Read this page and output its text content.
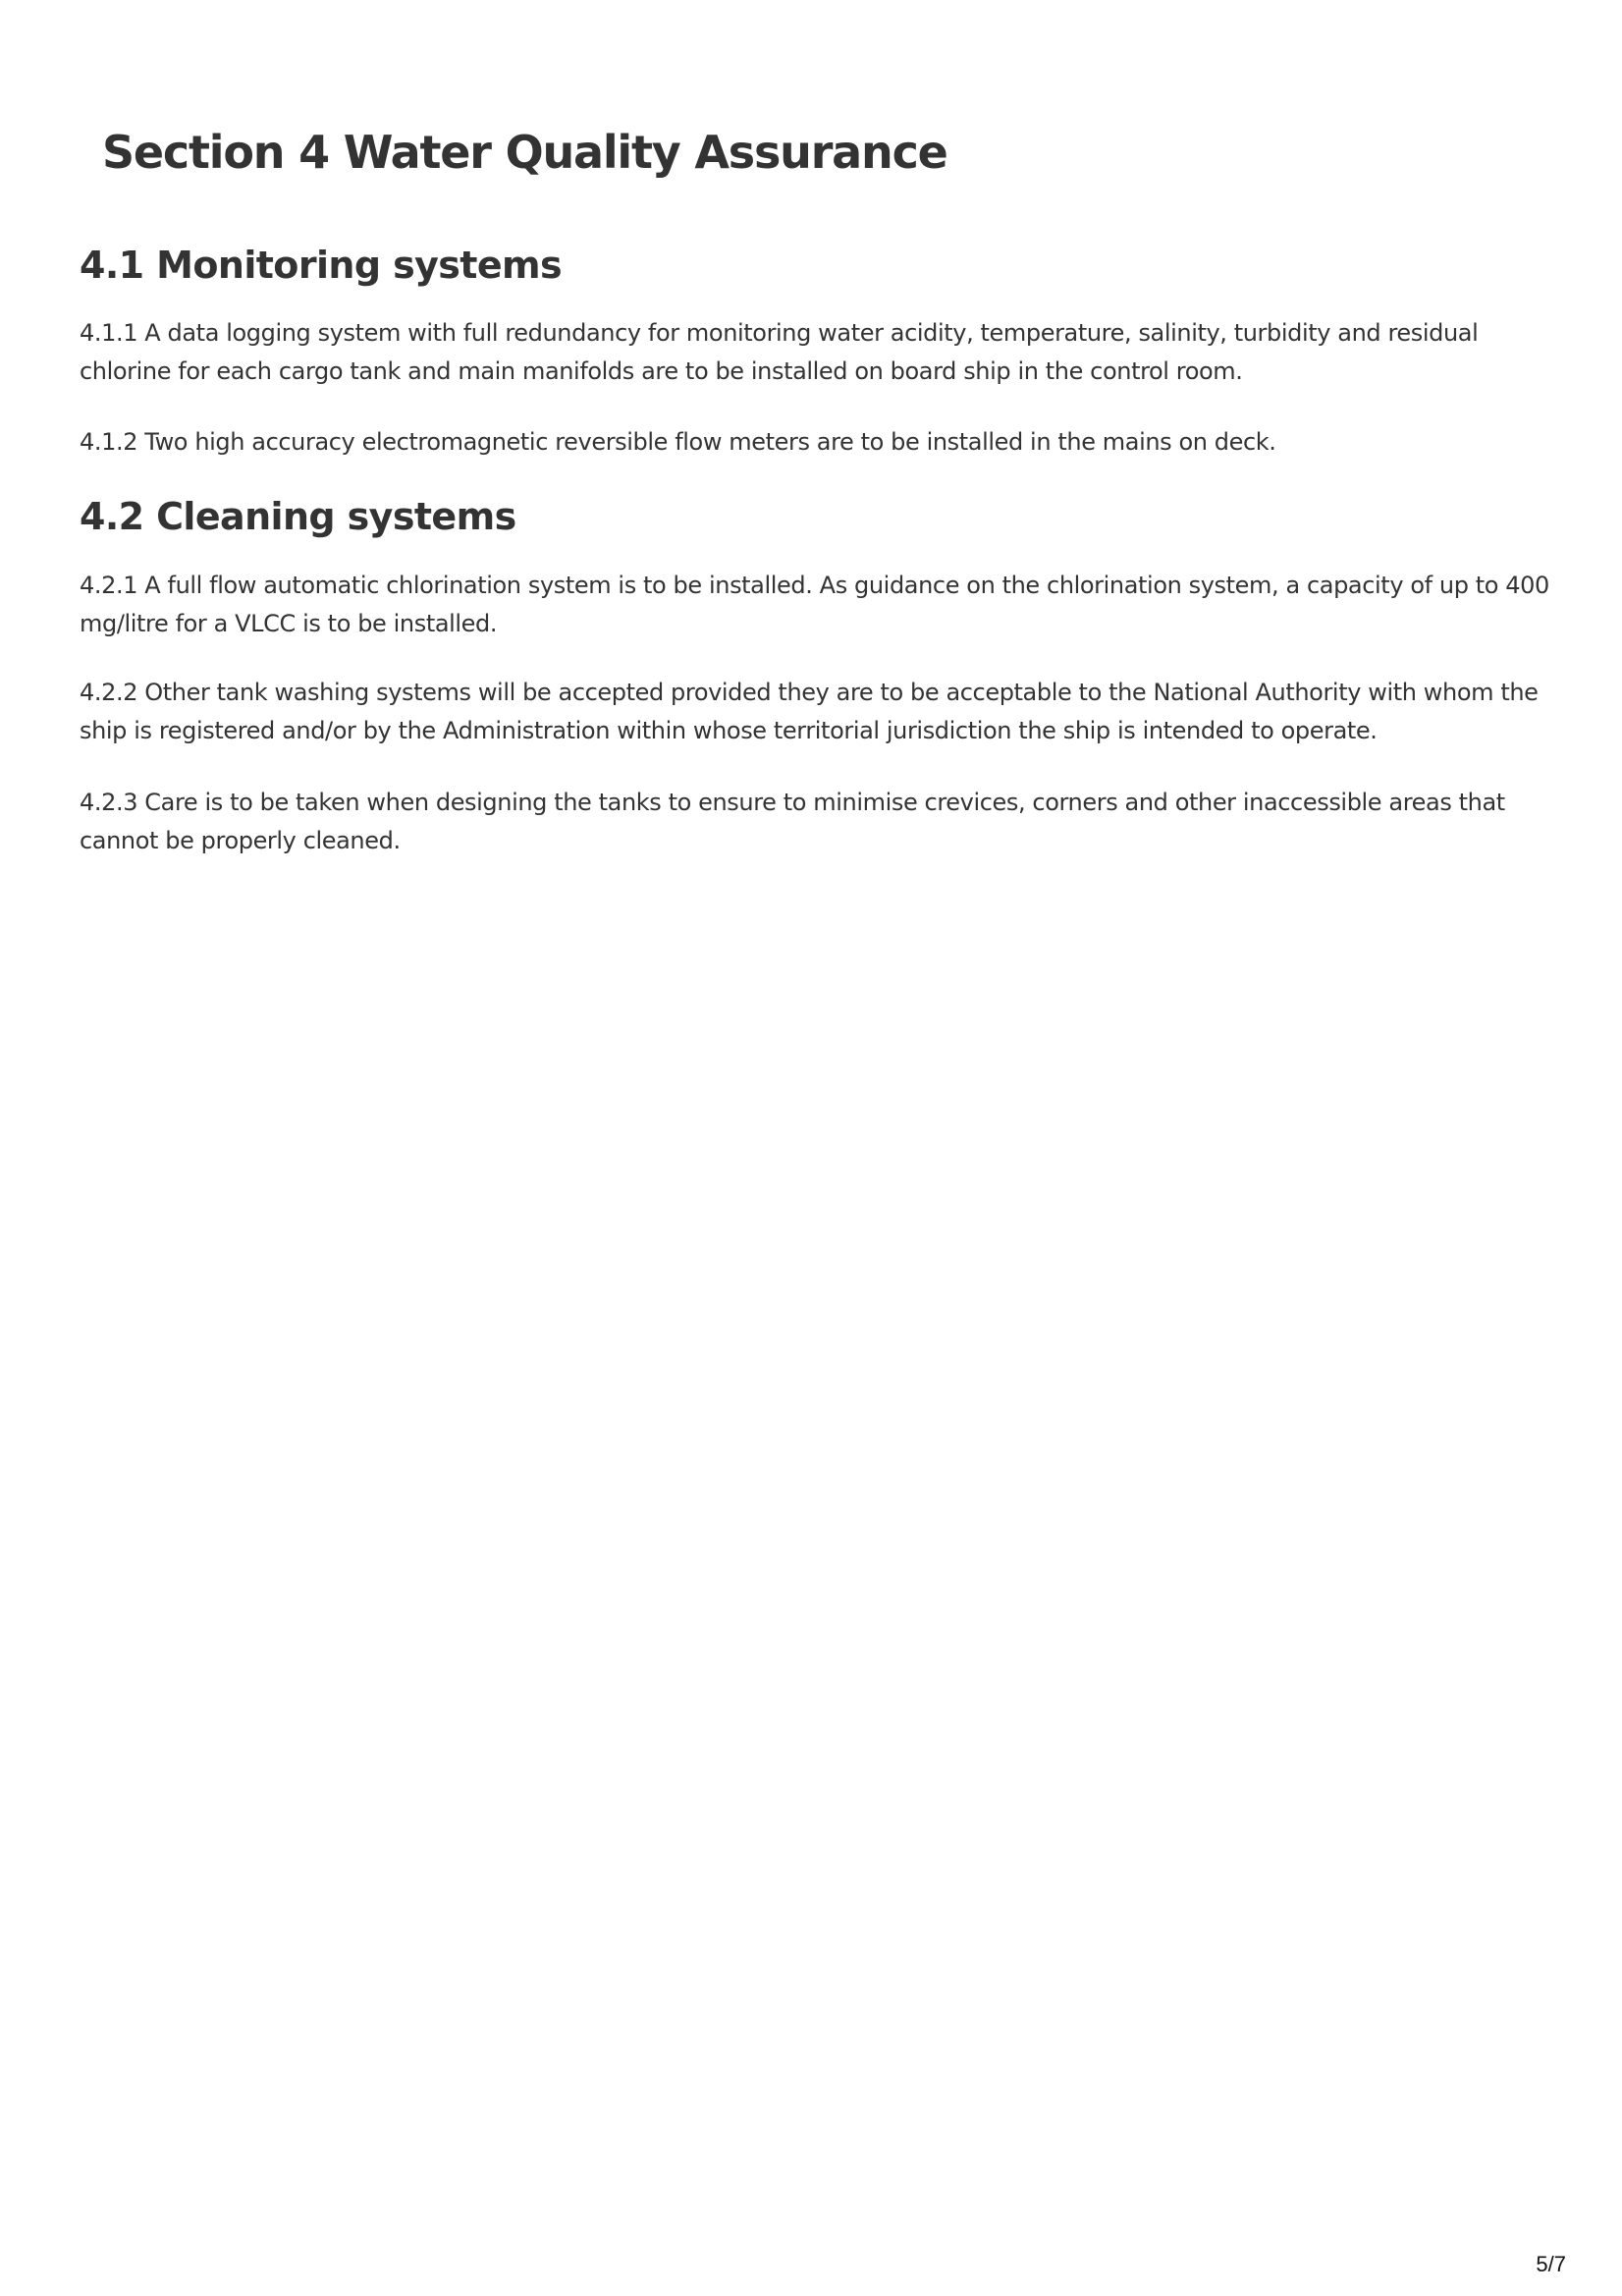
Section 4 Water Quality Assurance
4.1 Monitoring systems

4.1.1 A data logging system with full redundancy for monitoring water acidity, temperature, salinity, turbidity and residual chlorine for each cargo tank and main manifolds are to be installed on board ship in the control room.

4.1.2 Two high accuracy electromagnetic reversible flow meters are to be installed in the mains on deck.

4.2 Cleaning systems

4.2.1 A full flow automatic chlorination system is to be installed. As guidance on the chlorination system, a capacity of up to 400 mg/litre for a VLCC is to be installed.

4.2.2 Other tank washing systems will be accepted provided they are to be acceptable to the National Authority with whom the ship is registered and/or by the Administration within whose territorial jurisdiction the ship is intended to operate.

4.2.3 Care is to be taken when designing the tanks to ensure to minimise crevices, corners and other inaccessible areas that cannot be properly cleaned.

5/7
